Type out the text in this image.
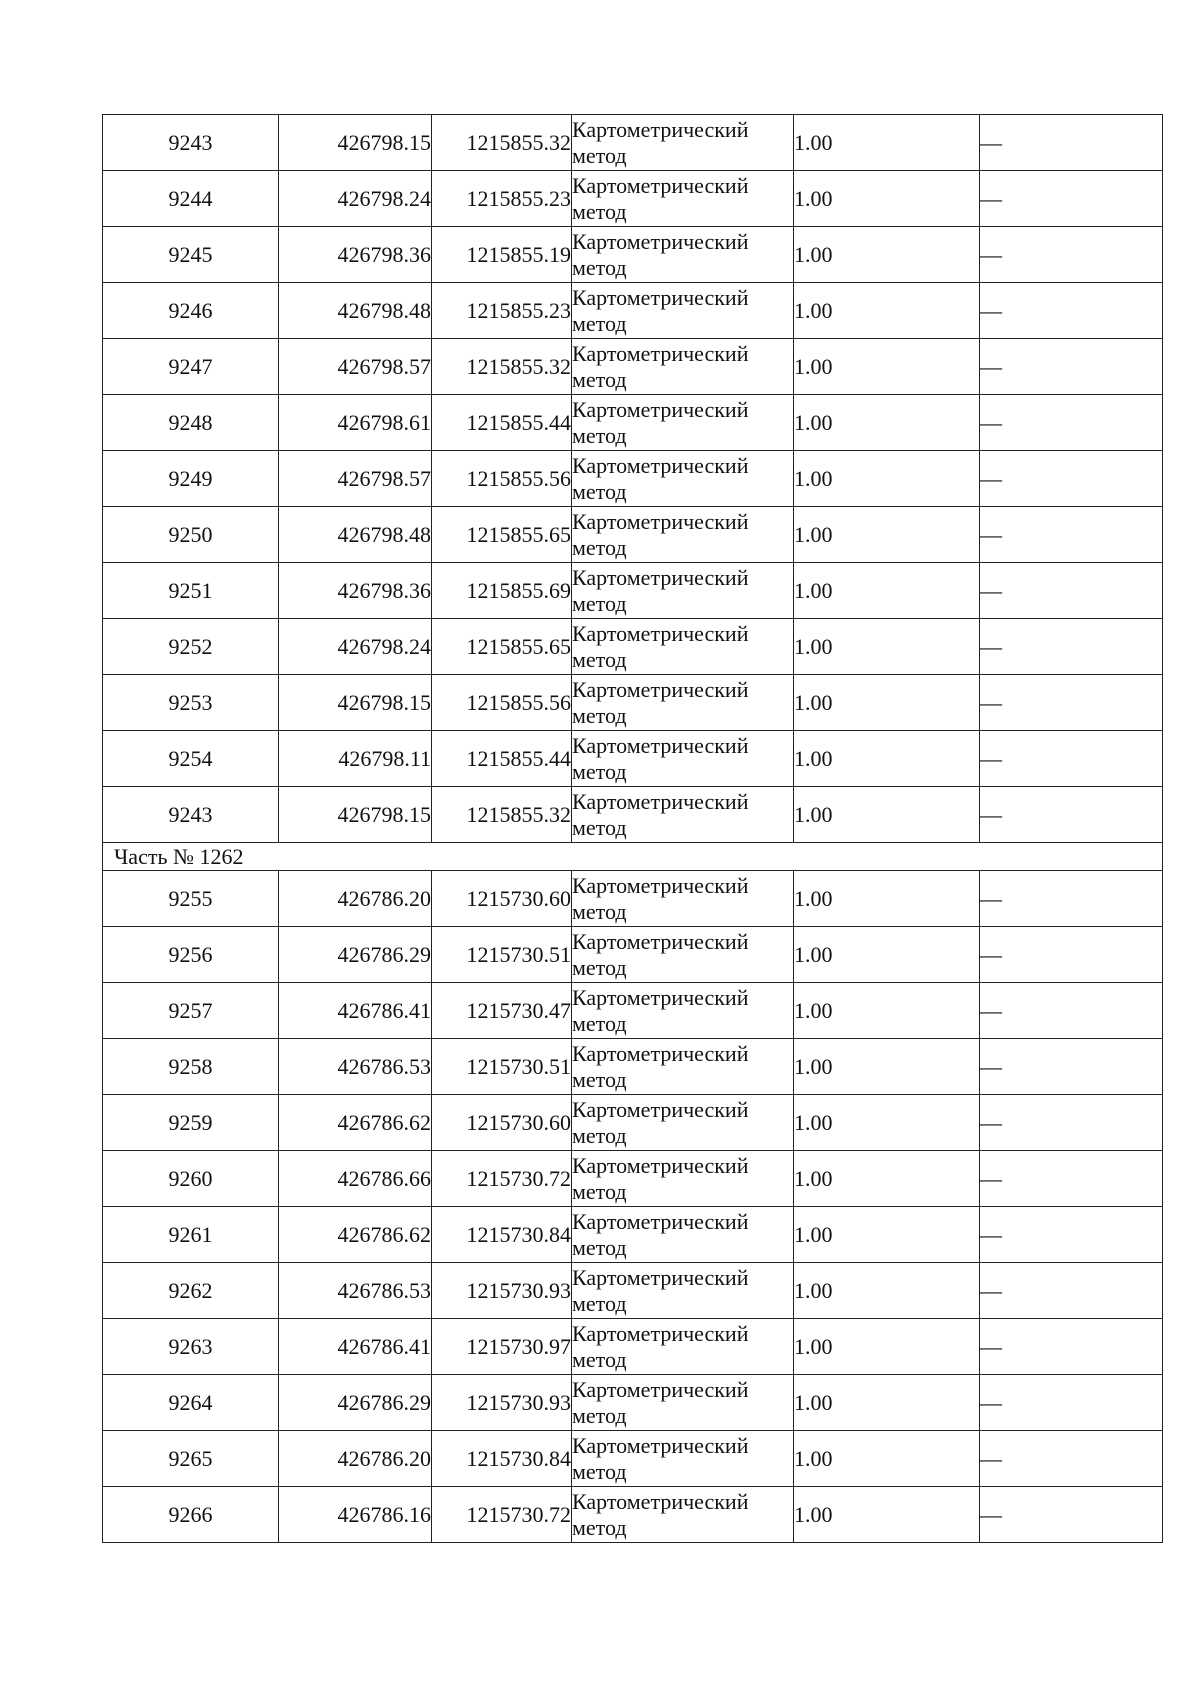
9243	426798.15	1215855.32	Картометрический
метод	1.00	—
9244	426798.24	1215855.23	Картометрический
метод	1.00	—
9245	426798.36	1215855.19	Картометрический
метод	1.00	—
9246	426798.48	1215855.23	Картометрический
метод	1.00	—
9247	426798.57	1215855.32	Картометрический
метод	1.00	—
9248	426798.61	1215855.44	Картометрический
метод	1.00	—
9249	426798.57	1215855.56	Картометрический
метод	1.00	—
9250	426798.48	1215855.65	Картометрический
метод	1.00	—
9251	426798.36	1215855.69	Картометрический
метод	1.00	—
9252	426798.24	1215855.65	Картометрический
метод	1.00	—
9253	426798.15	1215855.56	Картометрический
метод	1.00	—
9254	426798.11	1215855.44	Картометрический
метод	1.00	—
9243	426798.15	1215855.32	Картометрический
метод	1.00	—
Часть № 1262					
9255	426786.20	1215730.60	Картометрический
метод	1.00	—
9256	426786.29	1215730.51	Картометрический
метод	1.00	—
9257	426786.41	1215730.47	Картометрический
метод	1.00	—
9258	426786.53	1215730.51	Картометрический
метод	1.00	—
9259	426786.62	1215730.60	Картометрический
метод	1.00	—
9260	426786.66	1215730.72	Картометрический
метод	1.00	—
9261	426786.62	1215730.84	Картометрический
метод	1.00	—
9262	426786.53	1215730.93	Картометрический
метод	1.00	—
9263	426786.41	1215730.97	Картометрический
метод	1.00	—
9264	426786.29	1215730.93	Картометрический
метод	1.00	—
9265	426786.20	1215730.84	Картометрический
метод	1.00	—
9266	426786.16	1215730.72	Картометрический
метод	1.00	—
